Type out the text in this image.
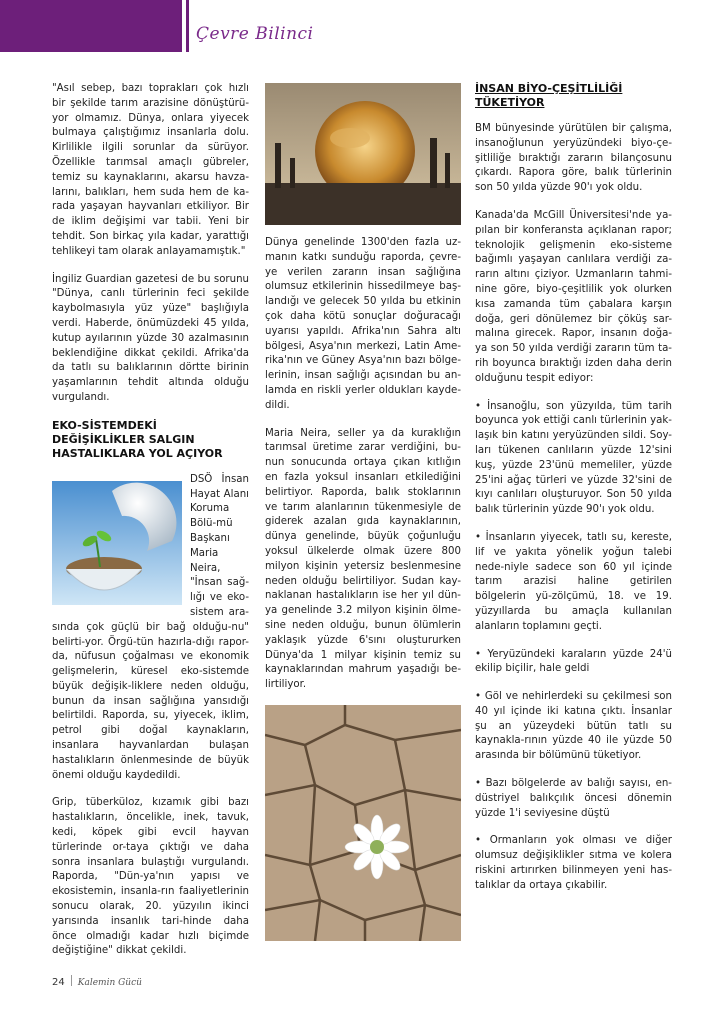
Çevre Bilinci

"Asıl sebep, bazı toprakları çok hızlı bir şekilde tarım arazisine dönüştürü-yor olmamız. Dünya, onlara yiyecek bulmaya çalıştığımız insanlarla dolu. Kirlilikle ilgili sorunlar da sürüyor. Özellikle tarımsal amaçlı gübreler, temiz su kaynaklarını, akarsu havza-larını, balıkları, hem suda hem de ka-rada yaşayan hayvanları etkiliyor. Bir de iklim değişimi var tabii. Yeni bir tehdit. Son birkaç yıla kadar, yarattığı tehlikeyi tam olarak anlayamamıştık."

İngiliz Guardian gazetesi de bu sorunu "Dünya, canlı türlerinin feci şekilde kaybolmasıyla yüz yüze" başlığıyla verdi. Haberde, önümüzdeki 45 yılda, kutup ayılarının yüzde 30 azalmasının beklendiğine dikkat çekildi. Afrika'da da tatlı su balıklarının dörtte birinin yaşamlarının tehdit altında olduğu vurgulandı.

EKO-SİSTEMDEKİ DEĞİŞİKLİKLER SALGIN HASTALIKLARA YOL AÇIYOR

DSÖ İnsan Hayat Alanı Koruma Bölü-mü Başkanı Maria Neira, "İnsan sağ-lığı ve eko-sistem ara-sında çok güçlü bir bağ olduğu-nu" belirti-yor. Örgü-tün hazırla-dığı rapor-da, nüfusun çoğalması ve ekonomik gelişmelerin, küresel eko-sistemde büyük değişik-liklere neden olduğu, bunun da insan sağlığına yansıdığı belirtildi. Raporda, su, yiyecek, iklim, petrol gibi doğal kaynakların, insanlara hayvanlardan bulaşan hastalıkların önlenmesinde de büyük önemi olduğu kaydedildi.

Grip, tüberküloz, kızamık gibi bazı hastalıkların, öncelikle, inek, tavuk, kedi, köpek gibi evcil hayvan türlerinde or-taya çıktığı ve daha sonra insanlara bulaştığı vurgulandı. Raporda, "Dün-ya'nın yapısı ve ekosistemin, insanla-rın faaliyetlerinin sonucu olarak, 20. yüzyılın ikinci yarısında insanlık tari-hinde daha önce olmadığı kadar hızlı biçimde değiştiğine" dikkat çekildi.

Dünya genelinde 1300'den fazla uz-manın katkı sunduğu raporda, çevre-ye verilen zararın insan sağlığına olumsuz etkilerinin hissedilmeye baş-landığı ve gelecek 50 yılda bu etkinin çok daha kötü sonuçlar doğuracağı uyarısı yapıldı. Afrika'nın Sahra altı bölgesi, Asya'nın merkezi, Latin Ame-rika'nın ve Güney Asya'nın bazı bölge-lerinin, insan sağlığı açısından bu an-lamda en riskli yerler oldukları kayde-dildi.

Maria Neira, seller ya da kuraklığın tarımsal üretime zarar verdiğini, bu-nun sonucunda ortaya çıkan kıtlığın en fazla yoksul insanları etkilediğini belirtiyor. Raporda, balık stoklarının ve tarım alanlarının tükenmesiyle de giderek azalan gıda kaynaklarının, dünya genelinde, büyük çoğunluğu yoksul ülkelerde olmak üzere 800 milyon kişinin yetersiz beslenmesine neden olduğu belirtiliyor. Sudan kay-naklanan hastalıkların ise her yıl dün-ya genelinde 3.2 milyon kişinin ölme-sine neden olduğu, bunun ölümlerin yaklaşık yüzde 6'sını oluştururken Dünya'da 1 milyar kişinin temiz su kaynaklarından mahrum yaşadığı be-lirtiliyor.

İNSAN BİYO-ÇEŞİTLİLİĞİ TÜKETİYOR

BM bünyesinde yürütülen bir çalışma, insanoğlunun yeryüzündeki biyo-çe-şitliliğe bıraktığı zararın bilançosunu çıkardı. Rapora göre, balık türlerinin son 50 yılda yüzde 90'ı yok oldu.

Kanada'da McGill Üniversitesi'nde ya-pılan bir konferansta açıklanan rapor; teknolojik gelişmenin eko-sisteme bağımlı yaşayan canlılara verdiği za-rarın altını çiziyor. Uzmanların tahmi-nine göre, biyo-çeşitlilik yok olurken kısa zamanda tüm çabalara karşın doğa, geri dönülemez bir çöküş sar-malına girecek. Rapor, insanın doğa-ya son 50 yılda verdiği zararın tüm ta-rih boyunca bıraktığı izden daha derin olduğunu tespit ediyor:

• İnsanoğlu, son yüzyılda, tüm tarih boyunca yok ettiği canlı türlerinin yak-laşık bin katını yeryüzünden sildi. Soy-ları tükenen canlıların yüzde 12'sini kuş, yüzde 23'ünü memeliler, yüzde 25'ini ağaç türleri ve yüzde 32'sini de kıyı canlıları oluşturuyor. Son 50 yılda balık türlerinin yüzde 90'ı yok oldu.

• İnsanların yiyecek, tatlı su, kereste, lif ve yakıta yönelik yoğun talebi nede-niyle sadece son 60 yıl içinde tarım arazisi haline getirilen bölgelerin yü-zölçümü, 18. ve 19. yüzyıllarda bu amaçla kullanılan alanların toplamını geçti.

• Yeryüzündeki karaların yüzde 24'ü ekilip biçilir, hale geldi

• Göl ve nehirlerdeki su çekilmesi son 40 yıl içinde iki katına çıktı. İnsanlar şu an yüzeydeki bütün tatlı su kaynakla-rının yüzde 40 ile yüzde 50 arasında bir bölümünü tüketiyor.

• Bazı bölgelerde av balığı sayısı, en-düstriyel balıkçılık öncesi dönemin yüzde 1'i seviyesine düştü

• Ormanların yok olması ve diğer olumsuz değişiklikler sıtma ve kolera riskini artırırken bilinmeyen yeni has-talıklar da ortaya çıkabilir.

24 Kalemin Gücü
